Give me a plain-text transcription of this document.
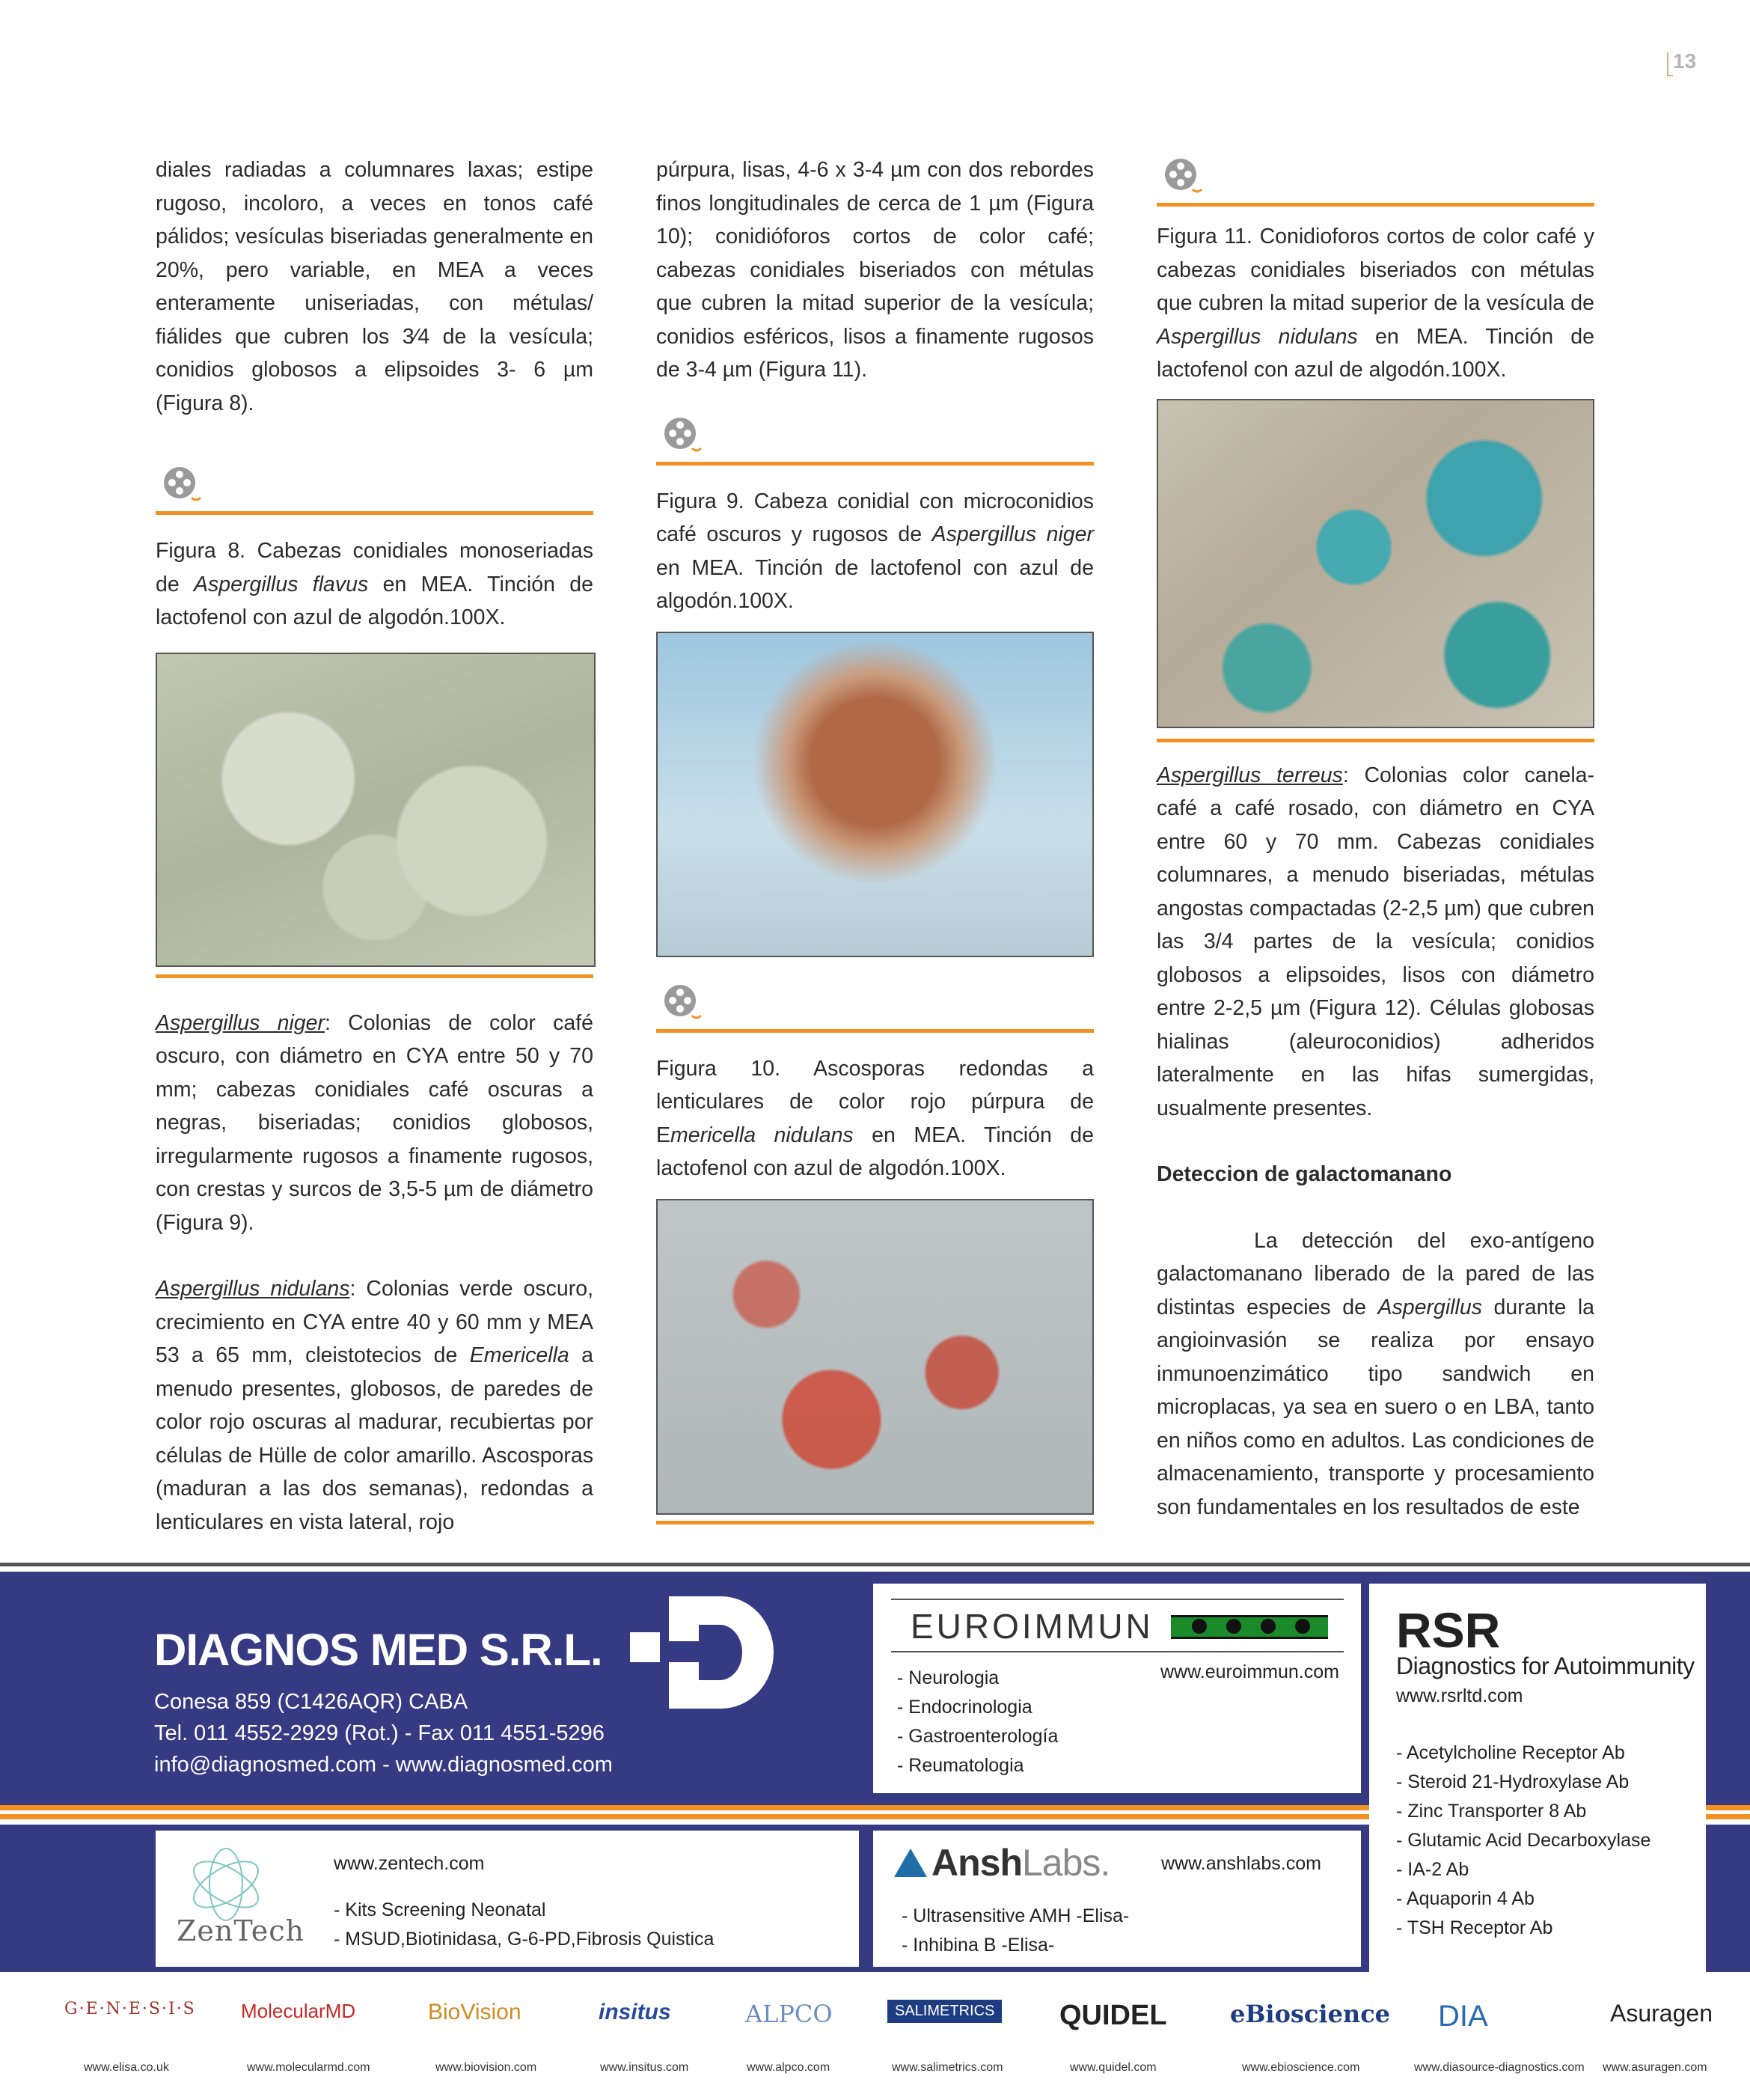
13

diales radiadas a columnares laxas; estipe rugoso, incoloro, a veces en tonos café pálidos; vesículas biseriadas generalmente en 20%, pero variable, en MEA a veces enteramente uniseriadas, con métulas/ fiálides que cubren los 3⁄4 de la vesícula; conidios globosos a elipsoides 3- 6 µm (Figura 8).

Figura 8. Cabezas conidiales monoseriadas de Aspergillus flavus en MEA. Tinción de lactofenol con azul de algodón.100X.

Aspergillus niger: Colonias de color café oscuro, con diámetro en CYA entre 50 y 70 mm; cabezas conidiales café oscuras a negras, biseriadas; conidios globosos, irregularmente rugosos a finamente rugosos, con crestas y surcos de 3,5-5 µm de diámetro (Figura 9).

Aspergillus nidulans: Colonias verde oscuro, crecimiento en CYA entre 40 y 60 mm y MEA 53 a 65 mm, cleistotecios de Emericella a menudo presentes, globosos, de paredes de color rojo oscuras al madurar, recubiertas por células de Hülle de color amarillo. Ascosporas (maduran a las dos semanas), redondas a lenticulares en vista lateral, rojo

púrpura, lisas, 4-6 x 3-4 µm con dos rebordes finos longitudinales de cerca de 1 µm (Figura 10); conidióforos cortos de color café; cabezas conidiales biseriados con métulas que cubren la mitad superior de la vesícula; conidios esféricos, lisos a finamente rugosos de 3-4 µm (Figura 11).

Figura 9. Cabeza conidial con microconidios café oscuros y rugosos de Aspergillus niger en MEA. Tinción de lactofenol con azul de algodón.100X.

Figura 10. Ascosporas redondas a lenticulares de color rojo púrpura de Emericella nidulans en MEA. Tinción de lactofenol con azul de algodón.100X.

Figura 11. Conidioforos cortos de color café y cabezas conidiales biseriados con métulas que cubren la mitad superior de la vesícula de Aspergillus nidulans en MEA. Tinción de lactofenol con azul de algodón.100X.

Aspergillus terreus: Colonias color canela-café a café rosado, con diámetro en CYA entre 60 y 70 mm. Cabezas conidiales columnares, a menudo biseriadas, métulas angostas compactadas (2-2,5 µm) que cubren las 3/4 partes de la vesícula; conidios globosos a elipsoides, lisos con diámetro entre 2-2,5 µm (Figura 12). Células globosas hialinas (aleuroconidios) adheridos lateralmente en las hifas sumergidas, usualmente presentes.

Deteccion de galactomanano

La detección del exo-antígeno galactomanano liberado de la pared de las distintas especies de Aspergillus durante la angioinvasión se realiza por ensayo inmunoenzimático tipo sandwich en microplacas, ya sea en suero o en LBA, tanto en niños como en adultos. Las condiciones de almacenamiento, transporte y procesamiento son fundamentales en los resultados de este

DIAGNOS MED S.R.L.
Conesa 859 (C1426AQR) CABA
Tel. 011 4552-2929 (Rot.) - Fax 011 4551-5296
info@diagnosmed.com - www.diagnosmed.com
EUROIMMUN
www.euroimmun.com
- Neurologia
- Endocrinologia
- Gastroenterología
- Reumatologia
RSR
Diagnostics for Autoimmunity
www.rsrltd.com
- Acetylcholine Receptor Ab
- Steroid 21-Hydroxylase Ab
- Zinc Transporter 8 Ab
- Glutamic Acid Decarboxylase
- IA-2 Ab
- Aquaporin 4 Ab
- TSH Receptor Ab
ZenTech
www.zentech.com
- Kits Screening Neonatal
- MSUD,Biotinidasa, G-6-PD,Fibrosis Quistica
AnshLabs.	www.anshlabs.com
- Ultrasensitive AMH -Elisa-
- Inhibina B -Elisa-
G·E·N·E·S·I·S
www.elisa.co.uk
MolecularMD
www.molecularmd.com
BioVision
www.biovision.com
insitus
www.insitus.com
ALPCO
www.alpco.com
SALIMETRICS
www.salimetrics.com
QUIDEL
www.quidel.com
eBioscience
www.ebioscience.com
DIA
www.diasource-diagnostics.com
Asuragen
www.asuragen.com
